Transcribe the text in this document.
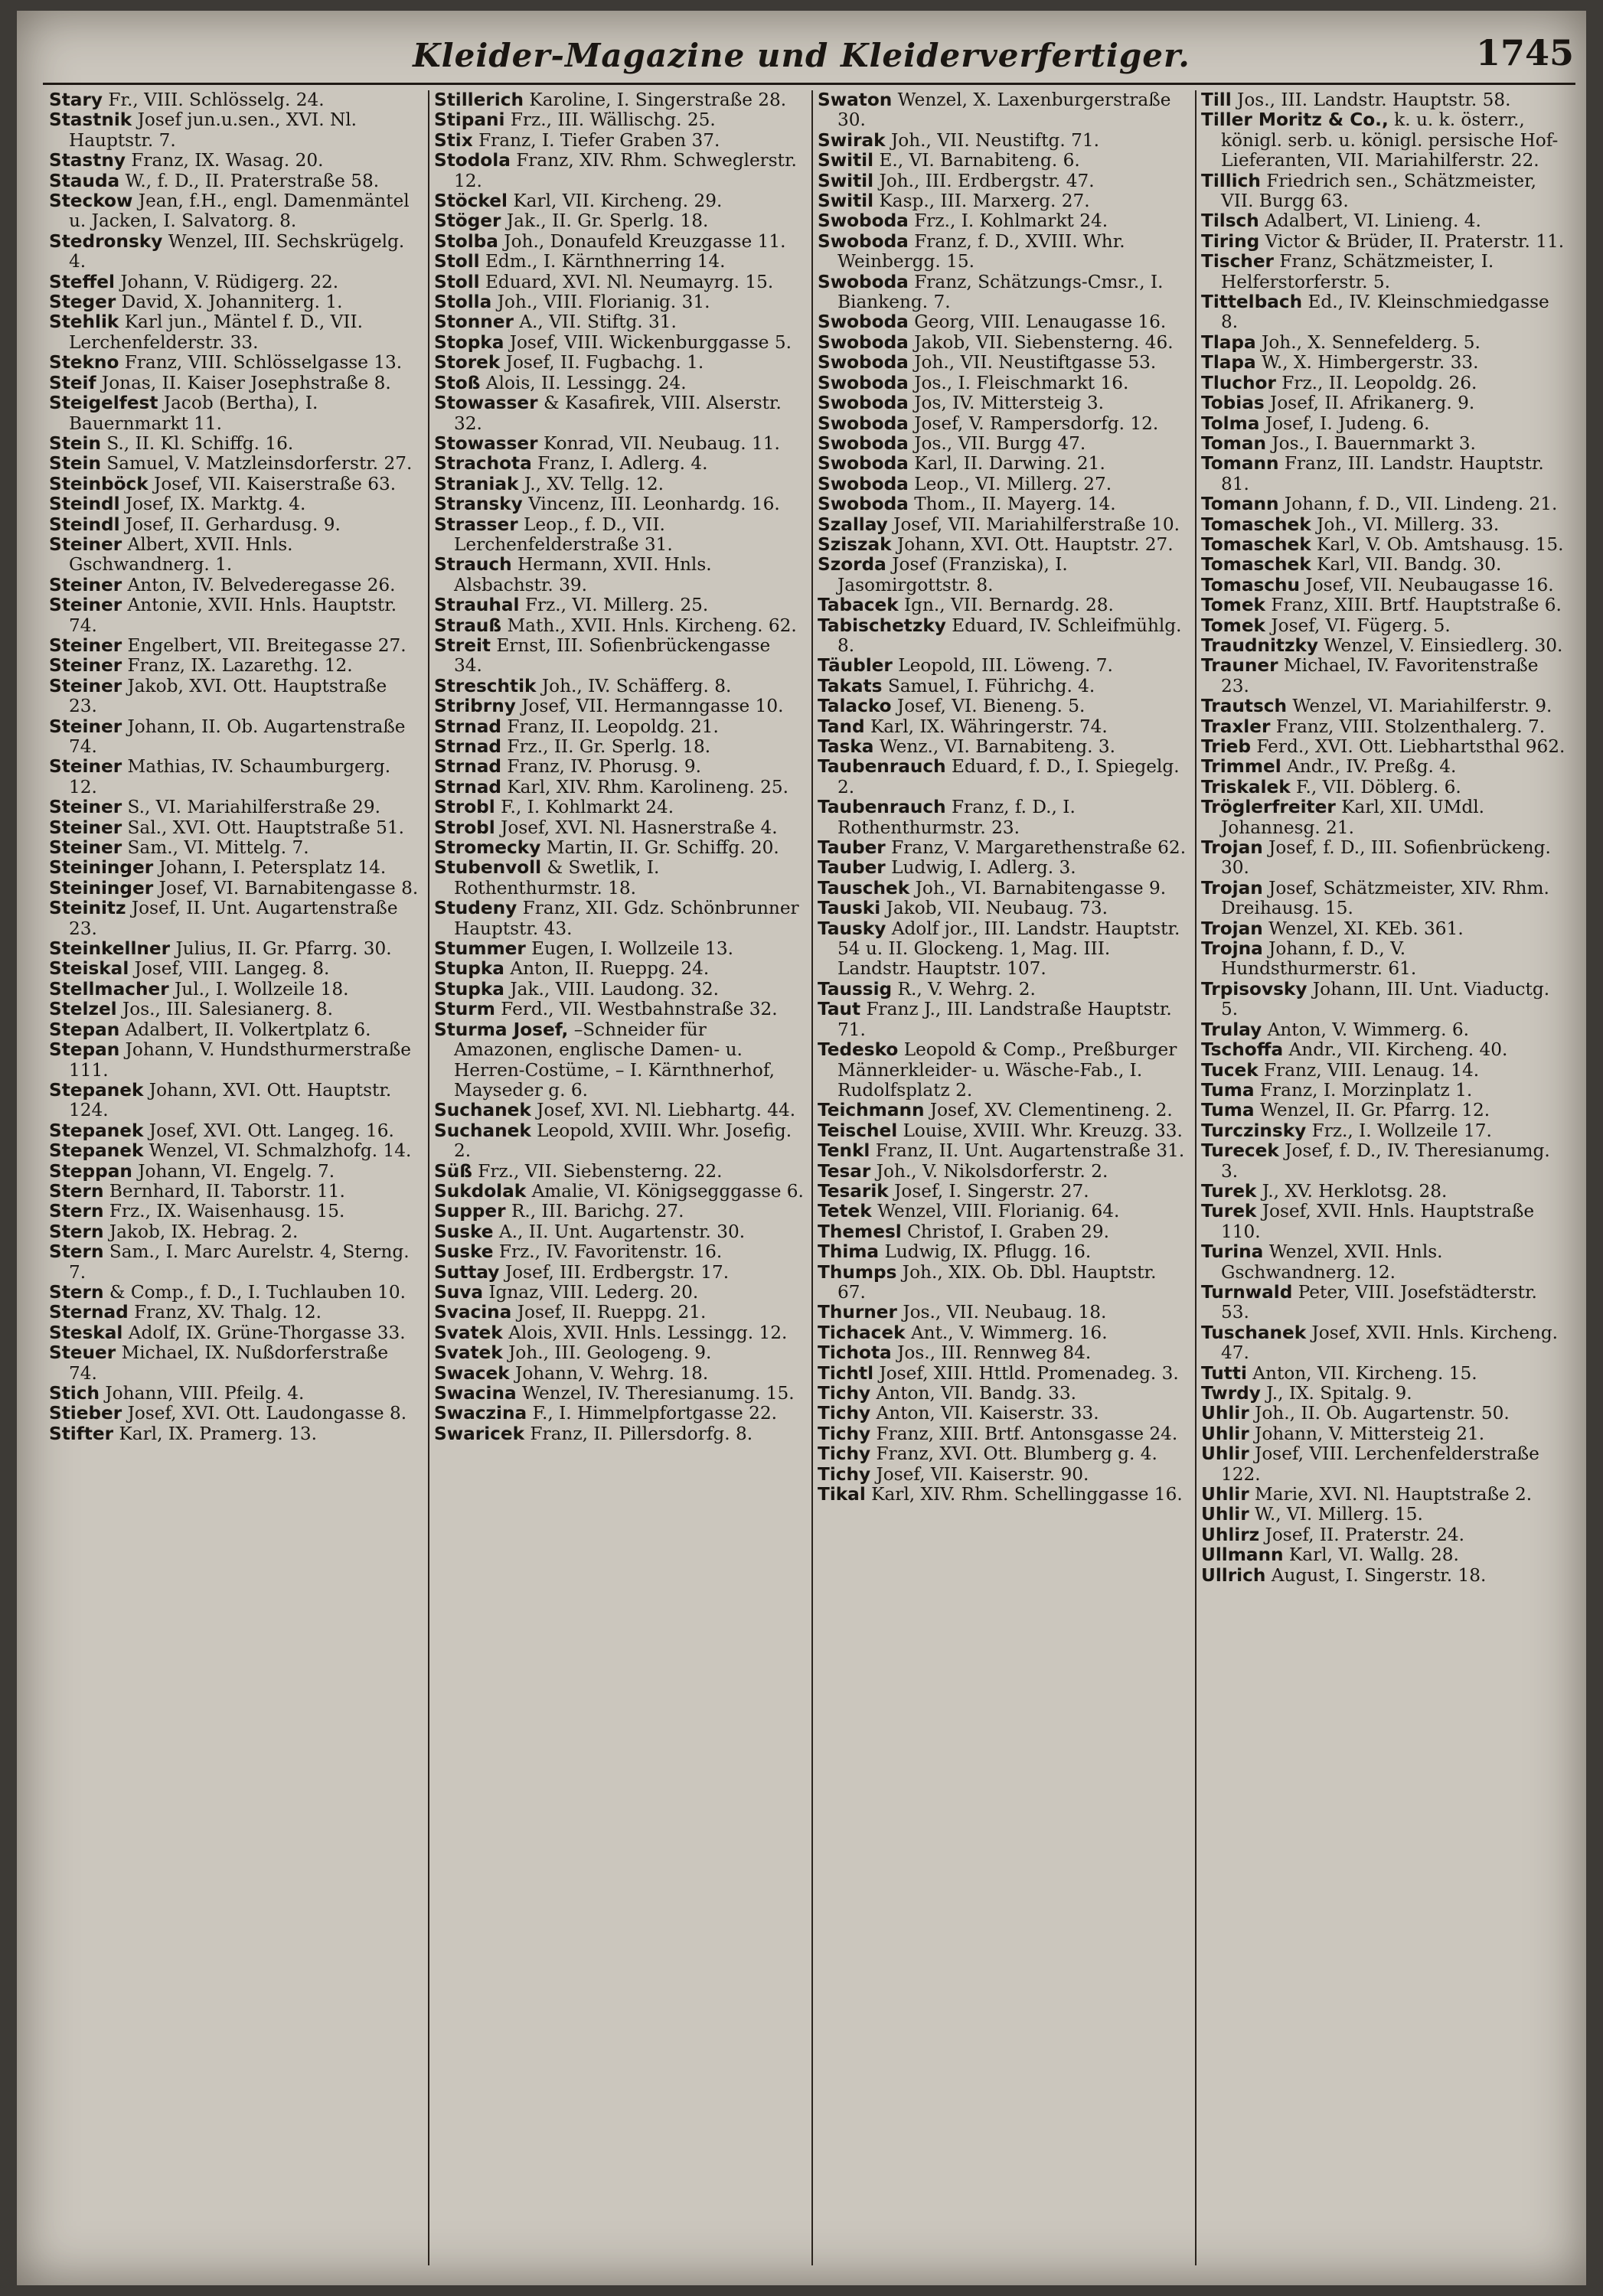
Kleider-Magazine und Kleiderverfertiger.	1745
Stary Fr., VIII. Schlösselg. 24.
Stastnik Josef jun.u.sen., XVI. Nl. Hauptstr. 7.
Stastny Franz, IX. Wasag. 20.
Stauda W., f. D., II. Praterstraße 58.
Steckow Jean, f.H., engl. Damenmäntel u. Jacken, I. Salvatorg. 8.
Stedronsky Wenzel, III. Sechskrügelg. 4.
Steffel Johann, V. Rüdigerg. 22.
Steger David, X. Johanniterg. 1.
Stehlik Karl jun., Mäntel f. D., VII. Lerchenfelderstr. 33.
Stekno Franz, VIII. Schlösselgasse 13.
Steif Jonas, II. Kaiser Josephstraße 8.
Steigelfest Jacob (Bertha), I. Bauernmarkt 11.
Stein S., II. Kl. Schiffg. 16.
Stein Samuel, V. Matzleinsdorferstr. 27.
Steinböck Josef, VII. Kaiserstraße 63.
Steindl Josef, IX. Marktg. 4.
Steindl Josef, II. Gerhardusg. 9.
Steiner Albert, XVII. Hnls. Gschwandnerg. 1.
Steiner Anton, IV. Belvederegasse 26.
Steiner Antonie, XVII. Hnls. Hauptstr. 74.
Steiner Engelbert, VII. Breitegasse 27.
Steiner Franz, IX. Lazarethg. 12.
Steiner Jakob, XVI. Ott. Hauptstraße 23.
Steiner Johann, II. Ob. Augartenstraße 74.
Steiner Mathias, IV. Schaumburgerg. 12.
Steiner S., VI. Mariahilferstraße 29.
Steiner Sal., XVI. Ott. Hauptstraße 51.
Steiner Sam., VI. Mittelg. 7.
Steininger Johann, I. Petersplatz 14.
Steininger Josef, VI. Barnabitengasse 8.
Steinitz Josef, II. Unt. Augartenstraße 23.
Steinkellner Julius, II. Gr. Pfarrg. 30.
Steiskal Josef, VIII. Langeg. 8.
Stellmacher Jul., I. Wollzeile 18.
Stelzel Jos., III. Salesianerg. 8.
Stepan Adalbert, II. Volkertplatz 6.
Stepan Johann, V. Hundsthurmerstraße 111.
Stepanek Johann, XVI. Ott. Hauptstr. 124.
Stepanek Josef, XVI. Ott. Langeg. 16.
Stepanek Wenzel, VI. Schmalzhofg. 14.
Steppan Johann, VI. Engelg. 7.
Stern Bernhard, II. Taborstr. 11.
Stern Frz., IX. Waisenhausg. 15.
Stern Jakob, IX. Hebrag. 2.
Stern Sam., I. Marc Aurelstr. 4, Sterng. 7.
Stern & Comp., f. D., I. Tuchlauben 10.
Sternad Franz, XV. Thalg. 12.
Steskal Adolf, IX. Grüne-Thorgasse 33.
Steuer Michael, IX. Nußdorferstraße 74.
Stich Johann, VIII. Pfeilg. 4.
Stieber Josef, XVI. Ott. Laudongasse 8.
Stifter Karl, IX. Pramerg. 13.
Stillerich Karoline, I. Singerstraße 28.
Stipani Frz., III. Wällischg. 25.
Stix Franz, I. Tiefer Graben 37.
Stodola Franz, XIV. Rhm. Schweglerstr. 12.
Stöckel Karl, VII. Kircheng. 29.
Stöger Jak., II. Gr. Sperlg. 18.
Stolba Joh., Donaufeld Kreuzgasse 11.
Stoll Edm., I. Kärnthnerring 14.
Stoll Eduard, XVI. Nl. Neumayrg. 15.
Stolla Joh., VIII. Florianig. 31.
Stonner A., VII. Stiftg. 31.
Stopka Josef, VIII. Wickenburggasse 5.
Storek Josef, II. Fugbachg. 1.
Stoß Alois, II. Lessingg. 24.
Stowasser & Kasafirek, VIII. Alserstr. 32.
Stowasser Konrad, VII. Neubaug. 11.
Strachota Franz, I. Adlerg. 4.
Straniak J., XV. Tellg. 12.
Stransky Vincenz, III. Leonhardg. 16.
Strasser Leop., f. D., VII. Lerchenfelderstraße 31.
Strauch Hermann, XVII. Hnls. Alsbachstr. 39.
Strauhal Frz., VI. Millerg. 25.
Strauß Math., XVII. Hnls. Kircheng. 62.
Streit Ernst, III. Sofienbrückengasse 34.
Streschtik Joh., IV. Schäfferg. 8.
Stribrny Josef, VII. Hermanngasse 10.
Strnad Franz, II. Leopoldg. 21.
Strnad Frz., II. Gr. Sperlg. 18.
Strnad Franz, IV. Phorusg. 9.
Strnad Karl, XIV. Rhm. Karolineng. 25.
Strobl F., I. Kohlmarkt 24.
Strobl Josef, XVI. Nl. Hasnerstraße 4.
Stromecky Martin, II. Gr. Schiffg. 20.
Stubenvoll & Swetlik, I. Rothenthurmstr. 18.
Studeny Franz, XII. Gdz. Schönbrunner Hauptstr. 43.
Stummer Eugen, I. Wollzeile 13.
Stupka Anton, II. Rueppg. 24.
Stupka Jak., VIII. Laudong. 32.
Sturm Ferd., VII. Westbahnstraße 32.
Sturma Josef, –Schneider für Amazonen, englische Damen- u. Herren-Costüme, – I. Kärnthnerhof, Mayseder g. 6.
Suchanek Josef, XVI. Nl. Liebhartg. 44.
Suchanek Leopold, XVIII. Whr. Josefig. 2.
Süß Frz., VII. Siebensterng. 22.
Sukdolak Amalie, VI. Königsegggasse 6.
Supper R., III. Barichg. 27.
Suske A., II. Unt. Augartenstr. 30.
Suske Frz., IV. Favoritenstr. 16.
Suttay Josef, III. Erdbergstr. 17.
Suva Ignaz, VIII. Lederg. 20.
Svacina Josef, II. Rueppg. 21.
Svatek Alois, XVII. Hnls. Lessingg. 12.
Svatek Joh., III. Geologeng. 9.
Swacek Johann, V. Wehrg. 18.
Swacina Wenzel, IV. Theresianumg. 15.
Swaczina F., I. Himmelpfortgasse 22.
Swaricek Franz, II. Pillersdorfg. 8.
Swaton Wenzel, X. Laxenburgerstraße 30.
Swirak Joh., VII. Neustiftg. 71.
Switil E., VI. Barnabiteng. 6.
Switil Joh., III. Erdbergstr. 47.
Switil Kasp., III. Marxerg. 27.
Swoboda Frz., I. Kohlmarkt 24.
Swoboda Franz, f. D., XVIII. Whr. Weinbergg. 15.
Swoboda Franz, Schätzungs-Cmsr., I. Biankeng. 7.
Swoboda Georg, VIII. Lenaugasse 16.
Swoboda Jakob, VII. Siebensterng. 46.
Swoboda Joh., VII. Neustiftgasse 53.
Swoboda Jos., I. Fleischmarkt 16.
Swoboda Jos, IV. Mittersteig 3.
Swoboda Josef, V. Rampersdorfg. 12.
Swoboda Jos., VII. Burgg 47.
Swoboda Karl, II. Darwing. 21.
Swoboda Leop., VI. Millerg. 27.
Swoboda Thom., II. Mayerg. 14.
Szallay Josef, VII. Mariahilferstraße 10.
Sziszak Johann, XVI. Ott. Hauptstr. 27.
Szorda Josef (Franziska), I. Jasomirgottstr. 8.
Tabacek Ign., VII. Bernardg. 28.
Tabischetzky Eduard, IV. Schleifmühlg. 8.
Täubler Leopold, III. Löweng. 7.
Takats Samuel, I. Führichg. 4.
Talacko Josef, VI. Bieneng. 5.
Tand Karl, IX. Währingerstr. 74.
Taska Wenz., VI. Barnabiteng. 3.
Taubenrauch Eduard, f. D., I. Spiegelg. 2.
Taubenrauch Franz, f. D., I. Rothenthurmstr. 23.
Tauber Franz, V. Margarethenstraße 62.
Tauber Ludwig, I. Adlerg. 3.
Tauschek Joh., VI. Barnabitengasse 9.
Tauski Jakob, VII. Neubaug. 73.
Tausky Adolf jor., III. Landstr. Hauptstr. 54 u. II. Glockeng. 1, Mag. III. Landstr. Hauptstr. 107.
Taussig R., V. Wehrg. 2.
Taut Franz J., III. Landstraße Hauptstr. 71.
Tedesko Leopold & Comp., Preßburger Männerkleider- u. Wäsche-Fab., I. Rudolfsplatz 2.
Teichmann Josef, XV. Clementineng. 2.
Teischel Louise, XVIII. Whr. Kreuzg. 33.
Tenkl Franz, II. Unt. Augartenstraße 31.
Tesar Joh., V. Nikolsdorferstr. 2.
Tesarik Josef, I. Singerstr. 27.
Tetek Wenzel, VIII. Florianig. 64.
Themesl Christof, I. Graben 29.
Thima Ludwig, IX. Pflugg. 16.
Thumps Joh., XIX. Ob. Dbl. Hauptstr. 67.
Thurner Jos., VII. Neubaug. 18.
Tichacek Ant., V. Wimmerg. 16.
Tichota Jos., III. Rennweg 84.
Tichtl Josef, XIII. Httld. Promenadeg. 3.
Tichy Anton, VII. Bandg. 33.
Tichy Anton, VII. Kaiserstr. 33.
Tichy Franz, XIII. Brtf. Antonsgasse 24.
Tichy Franz, XVI. Ott. Blumberg g. 4.
Tichy Josef, VII. Kaiserstr. 90.
Tikal Karl, XIV. Rhm. Schellinggasse 16.
Till Jos., III. Landstr. Hauptstr. 58.
Tiller Moritz & Co., k. u. k. österr., königl. serb. u. königl. persische Hof-Lieferanten, VII. Mariahilferstr. 22.
Tillich Friedrich sen., Schätzmeister, VII. Burgg 63.
Tilsch Adalbert, VI. Linieng. 4.
Tiring Victor & Brüder, II. Praterstr. 11.
Tischer Franz, Schätzmeister, I. Helferstorferstr. 5.
Tittelbach Ed., IV. Kleinschmiedgasse 8.
Tlapa Joh., X. Sennefelderg. 5.
Tlapa W., X. Himbergerstr. 33.
Tluchor Frz., II. Leopoldg. 26.
Tobias Josef, II. Afrikanerg. 9.
Tolma Josef, I. Judeng. 6.
Toman Jos., I. Bauernmarkt 3.
Tomann Franz, III. Landstr. Hauptstr. 81.
Tomann Johann, f. D., VII. Lindeng. 21.
Tomaschek Joh., VI. Millerg. 33.
Tomaschek Karl, V. Ob. Amtshausg. 15.
Tomaschek Karl, VII. Bandg. 30.
Tomaschu Josef, VII. Neubaugasse 16.
Tomek Franz, XIII. Brtf. Hauptstraße 6.
Tomek Josef, VI. Fügerg. 5.
Traudnitzky Wenzel, V. Einsiedlerg. 30.
Trauner Michael, IV. Favoritenstraße 23.
Trautsch Wenzel, VI. Mariahilferstr. 9.
Traxler Franz, VIII. Stolzenthalerg. 7.
Trieb Ferd., XVI. Ott. Liebhartsthal 962.
Trimmel Andr., IV. Preßg. 4.
Triskalek F., VII. Döblerg. 6.
Tröglerfreiter Karl, XII. UMdl. Johannesg. 21.
Trojan Josef, f. D., III. Sofienbrückeng. 30.
Trojan Josef, Schätzmeister, XIV. Rhm. Dreihausg. 15.
Trojan Wenzel, XI. KEb. 361.
Trojna Johann, f. D., V. Hundsthurmerstr. 61.
Trpisovsky Johann, III. Unt. Viaductg. 5.
Trulay Anton, V. Wimmerg. 6.
Tschoffa Andr., VII. Kircheng. 40.
Tucek Franz, VIII. Lenaug. 14.
Tuma Franz, I. Morzinplatz 1.
Tuma Wenzel, II. Gr. Pfarrg. 12.
Turczinsky Frz., I. Wollzeile 17.
Turecek Josef, f. D., IV. Theresianumg. 3.
Turek J., XV. Herklotsg. 28.
Turek Josef, XVII. Hnls. Hauptstraße 110.
Turina Wenzel, XVII. Hnls. Gschwandnerg. 12.
Turnwald Peter, VIII. Josefstädterstr. 53.
Tuschanek Josef, XVII. Hnls. Kircheng. 47.
Tutti Anton, VII. Kircheng. 15.
Twrdy J., IX. Spitalg. 9.
Uhlir Joh., II. Ob. Augartenstr. 50.
Uhlir Johann, V. Mittersteig 21.
Uhlir Josef, VIII. Lerchenfelderstraße 122.
Uhlir Marie, XVI. Nl. Hauptstraße 2.
Uhlir W., VI. Millerg. 15.
Uhlirz Josef, II. Praterstr. 24.
Ullmann Karl, VI. Wallg. 28.
Ullrich August, I. Singerstr. 18.
